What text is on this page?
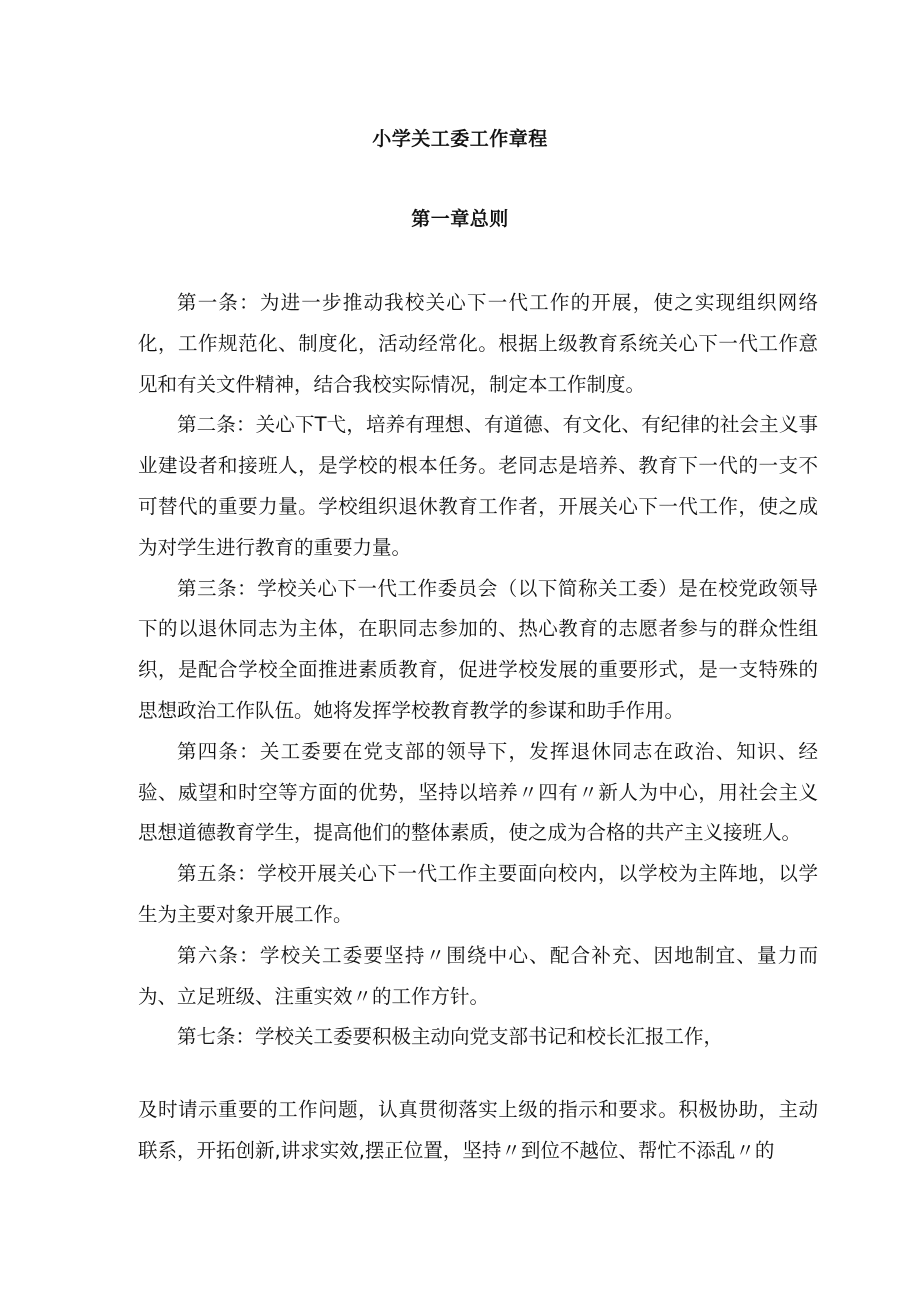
小学关工委工作章程
第一章总则

第一条：为进一步推动我校关心下一代工作的开展，使之实现组织网络化，工作规范化、制度化，活动经常化。根据上级教育系统关心下一代工作意见和有关文件精神，结合我校实际情况，制定本工作制度。

第二条：关心下T弋，培养有理想、有道德、有文化、有纪律的社会主义事业建设者和接班人，是学校的根本任务。老同志是培养、教育下一代的一支不可替代的重要力量。学校组织退休教育工作者，开展关心下一代工作，使之成为对学生进行教育的重要力量。

第三条：学校关心下一代工作委员会（以下简称关工委）是在校党政领导下的以退休同志为主体，在职同志参加的、热心教育的志愿者参与的群众性组织，是配合学校全面推进素质教育，促进学校发展的重要形式，是一支特殊的思想政治工作队伍。她将发挥学校教育教学的参谋和助手作用。

第四条：关工委要在党支部的领导下，发挥退休同志在政治、知识、经验、威望和时空等方面的优势，坚持以培养〃四有〃新人为中心，用社会主义思想道德教育学生，提高他们的整体素质，使之成为合格的共产主义接班人。

第五条：学校开展关心下一代工作主要面向校内，以学校为主阵地，以学生为主要对象开展工作。

第六条：学校关工委要坚持〃围绕中心、配合补充、因地制宜、量力而为、立足班级、注重实效〃的工作方针。

第七条：学校关工委要积极主动向党支部书记和校长汇报工作，

及时请示重要的工作问题，认真贯彻落实上级的指示和要求。积极协助，主动联系，开拓创新,讲求实效,摆正位置，坚持〃到位不越位、帮忙不添乱〃的
